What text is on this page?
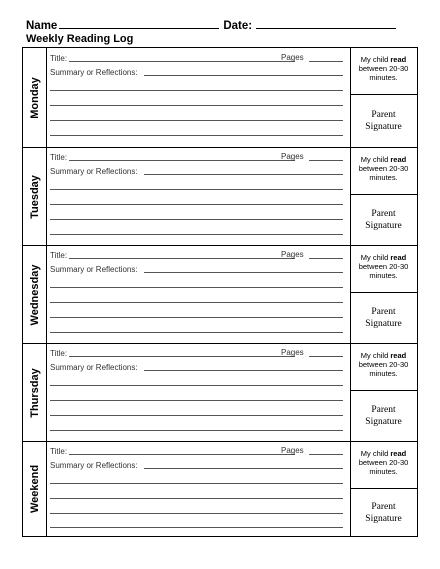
Name	Date:
Weekly Reading Log
Monday
Title:	Pages
Summary or Reflections:
My child read
between 20-30
minutes.
Parent
Signature
Tuesday
Title:	Pages
Summary or Reflections:
My child read
between 20-30
minutes.
Parent
Signature
Wednesday
Title:	Pages
Summary or Reflections:
My child read
between 20-30
minutes.
Parent
Signature
Thursday
Title:	Pages
Summary or Reflections:
My child read
between 20-30
minutes.
Parent
Signature
Weekend
Title:	Pages
Summary or Reflections:
My child read
between 20-30
minutes.
Parent
Signature
